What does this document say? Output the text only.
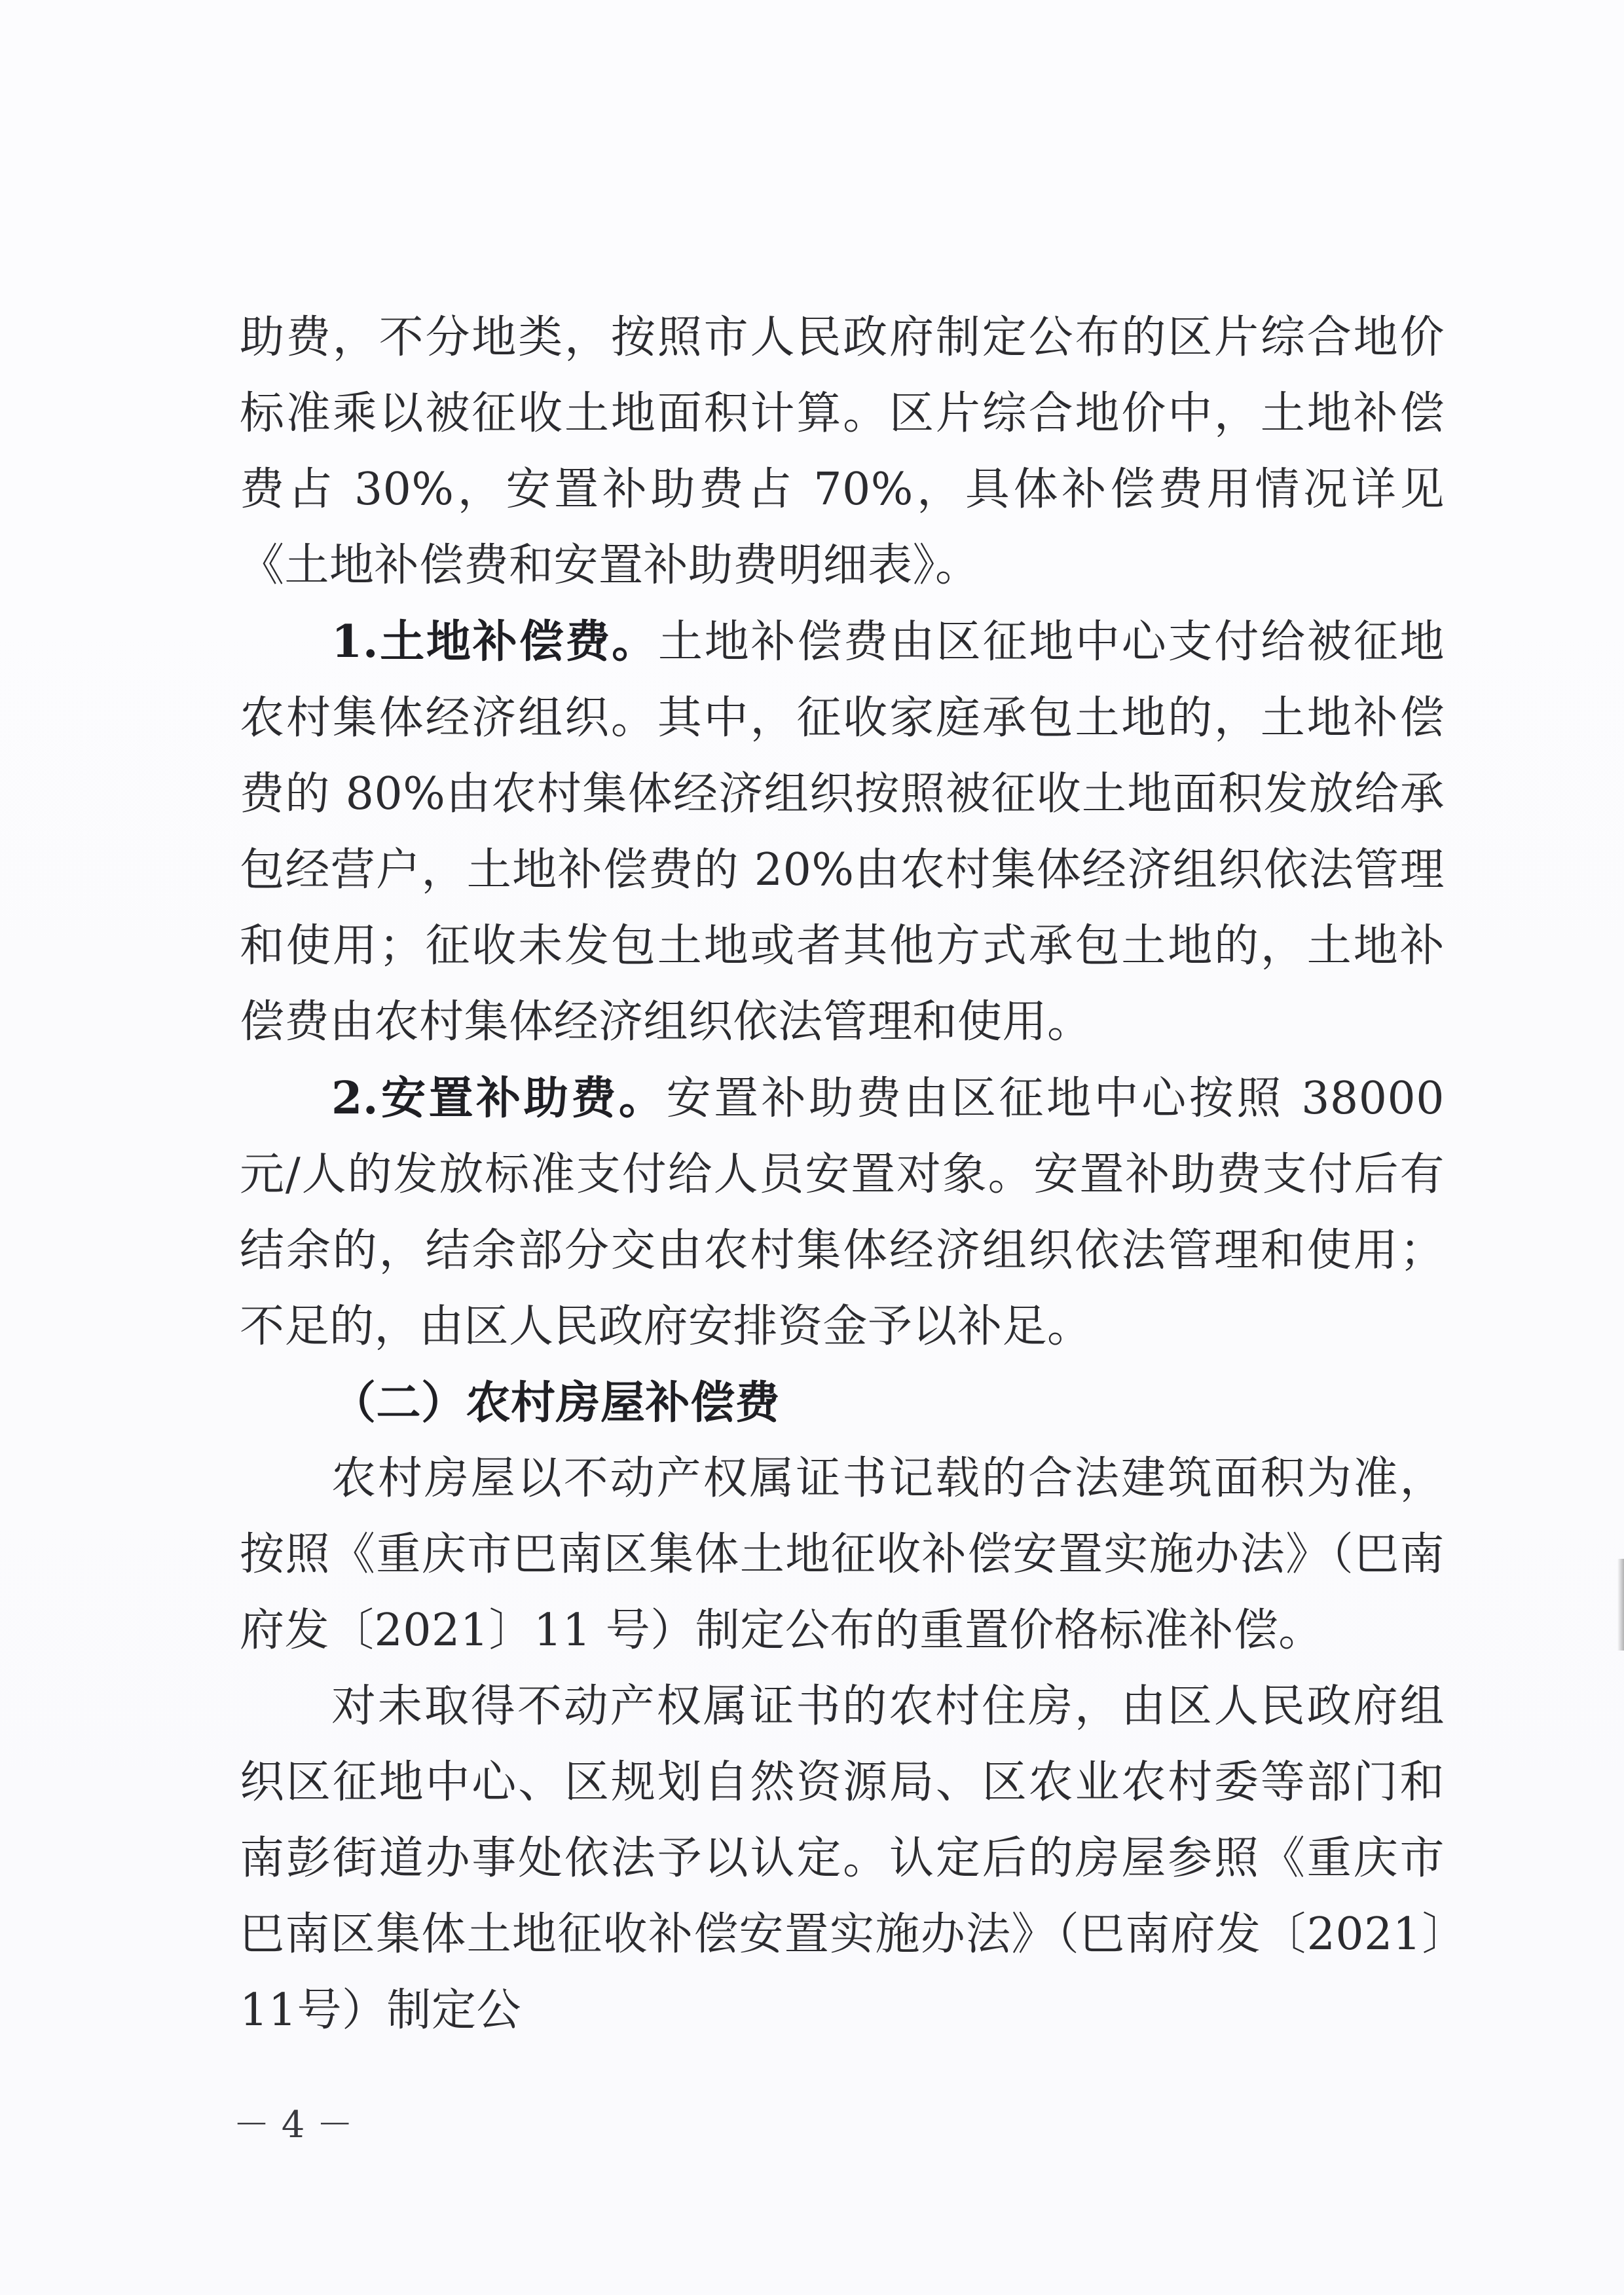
助费，不分地类，按照市人民政府制定公布的区片综合地价标准乘以被征收土地面积计算。区片综合地价中，土地补偿费占 30%，安置补助费占 70%，具体补偿费用情况详见《土地补偿费和安置补助费明细表》。

1.土地补偿费。土地补偿费由区征地中心支付给被征地农村集体经济组织。其中，征收家庭承包土地的，土地补偿费的 80%由农村集体经济组织按照被征收土地面积发放给承包经营户，土地补偿费的 20%由农村集体经济组织依法管理和使用；征收未发包土地或者其他方式承包土地的，土地补偿费由农村集体经济组织依法管理和使用。

2.安置补助费。安置补助费由区征地中心按照 38000 元/人的发放标准支付给人员安置对象。安置补助费支付后有结余的，结余部分交由农村集体经济组织依法管理和使用；不足的，由区人民政府安排资金予以补足。

（二）农村房屋补偿费

农村房屋以不动产权属证书记载的合法建筑面积为准，按照《重庆市巴南区集体土地征收补偿安置实施办法》（巴南府发〔2021〕11 号）制定公布的重置价格标准补偿。

对未取得不动产权属证书的农村住房，由区人民政府组织区征地中心、区规划自然资源局、区农业农村委等部门和南彭街道办事处依法予以认定。认定后的房屋参照《重庆市巴南区集体土地征收补偿安置实施办法》（巴南府发〔2021〕11号）制定公

－ 4 －
